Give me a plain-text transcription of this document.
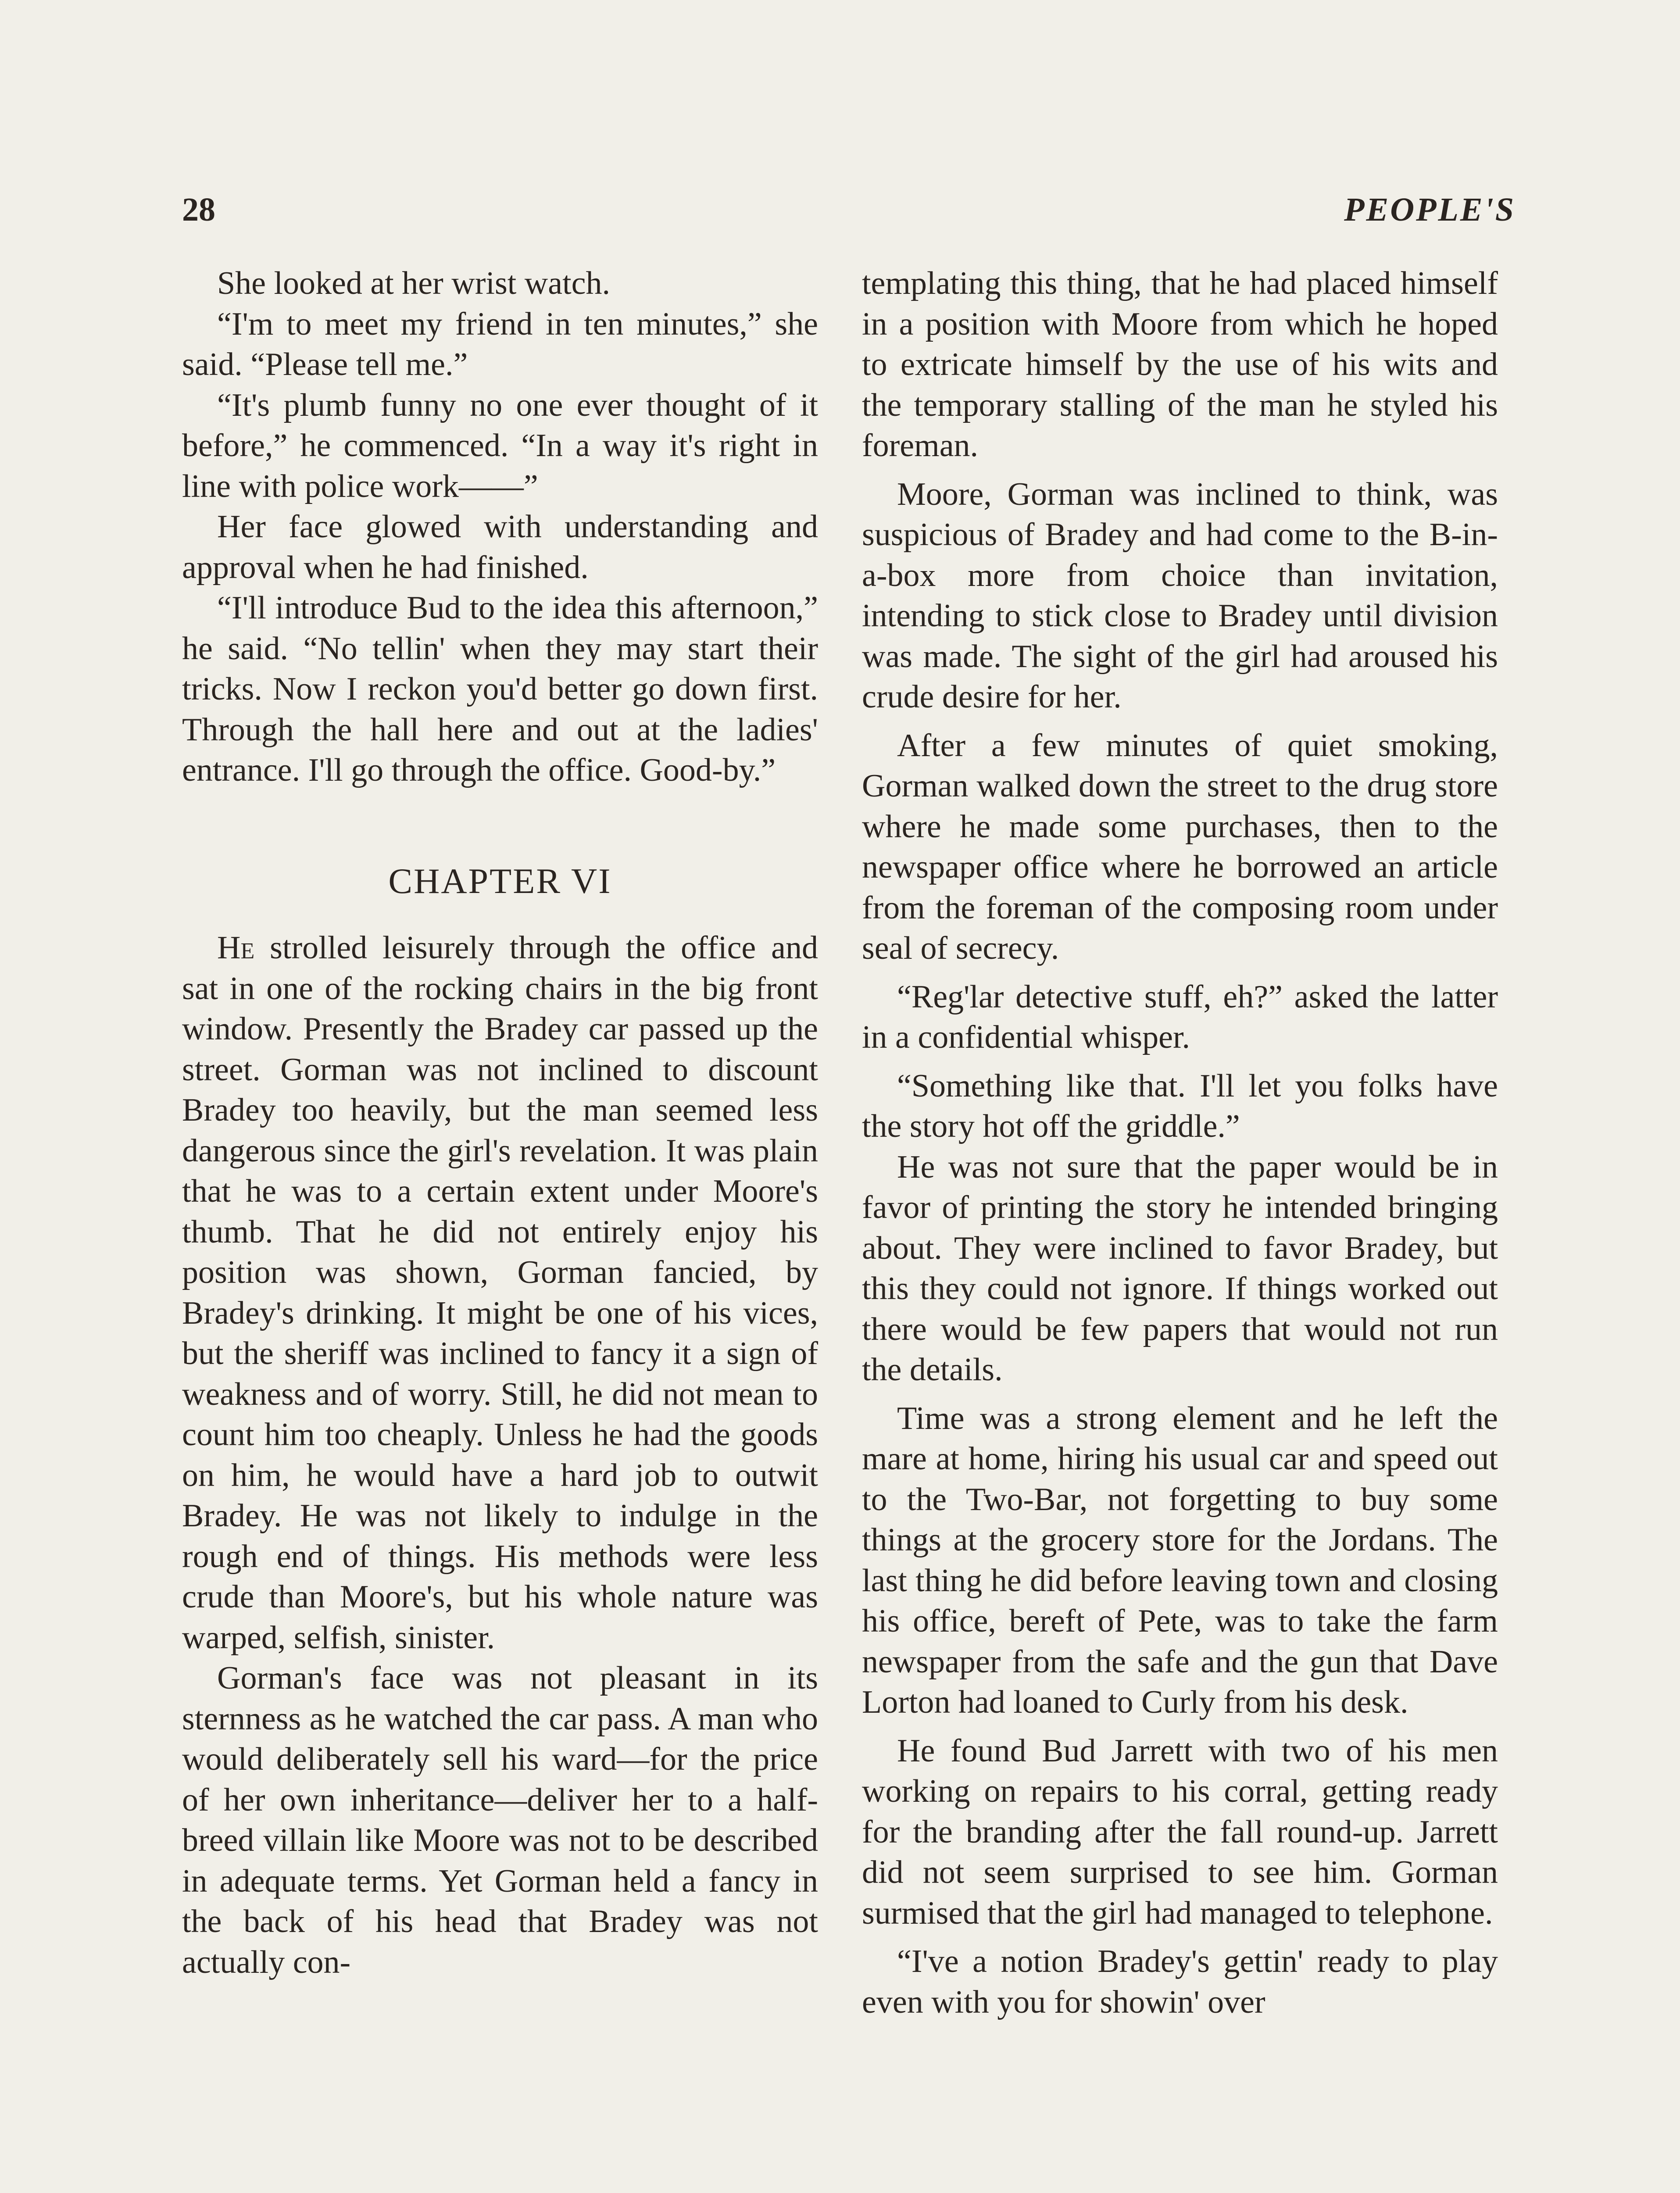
28	PEOPLE'S

She looked at her wrist watch.

“I'm to meet my friend in ten minutes,” she said. “Please tell me.”

“It's plumb funny no one ever thought of it before,” he commenced. “In a way it's right in line with police work——”

Her face glowed with understanding and approval when he had finished.

“I'll introduce Bud to the idea this afternoon,” he said. “No tellin' when they may start their tricks. Now I reckon you'd better go down first. Through the hall here and out at the ladies' entrance. I'll go through the office. Good-by.”

CHAPTER VI

He strolled leisurely through the office and sat in one of the rocking chairs in the big front window. Presently the Bradey car passed up the street. Gorman was not inclined to discount Bradey too heavily, but the man seemed less dangerous since the girl's revelation. It was plain that he was to a certain extent under Moore's thumb. That he did not entirely enjoy his position was shown, Gorman fancied, by Bradey's drinking. It might be one of his vices, but the sheriff was inclined to fancy it a sign of weakness and of worry. Still, he did not mean to count him too cheaply. Unless he had the goods on him, he would have a hard job to outwit Bradey. He was not likely to indulge in the rough end of things. His methods were less crude than Moore's, but his whole nature was warped, selfish, sinister.

Gorman's face was not pleasant in its sternness as he watched the car pass. A man who would deliberately sell his ward—for the price of her own inheritance—deliver her to a half-breed villain like Moore was not to be described in adequate terms. Yet Gorman held a fancy in the back of his head that Bradey was not actually con-

templating this thing, that he had placed himself in a position with Moore from which he hoped to extricate himself by the use of his wits and the temporary stalling of the man he styled his foreman.

Moore, Gorman was inclined to think, was suspicious of Bradey and had come to the B-in-a-box more from choice than invitation, intending to stick close to Bradey until division was made. The sight of the girl had aroused his crude desire for her.

After a few minutes of quiet smoking, Gorman walked down the street to the drug store where he made some purchases, then to the newspaper office where he borrowed an article from the foreman of the composing room under seal of secrecy.

“Reg'lar detective stuff, eh?” asked the latter in a confidential whisper.

“Something like that. I'll let you folks have the story hot off the griddle.”

He was not sure that the paper would be in favor of printing the story he intended bringing about. They were inclined to favor Bradey, but this they could not ignore. If things worked out there would be few papers that would not run the details.

Time was a strong element and he left the mare at home, hiring his usual car and speed out to the Two-Bar, not forgetting to buy some things at the grocery store for the Jordans. The last thing he did before leaving town and closing his office, bereft of Pete, was to take the farm newspaper from the safe and the gun that Dave Lorton had loaned to Curly from his desk.

He found Bud Jarrett with two of his men working on repairs to his corral, getting ready for the branding after the fall round-up. Jarrett did not seem surprised to see him. Gorman surmised that the girl had managed to telephone.

“I've a notion Bradey's gettin' ready to play even with you for showin' over
